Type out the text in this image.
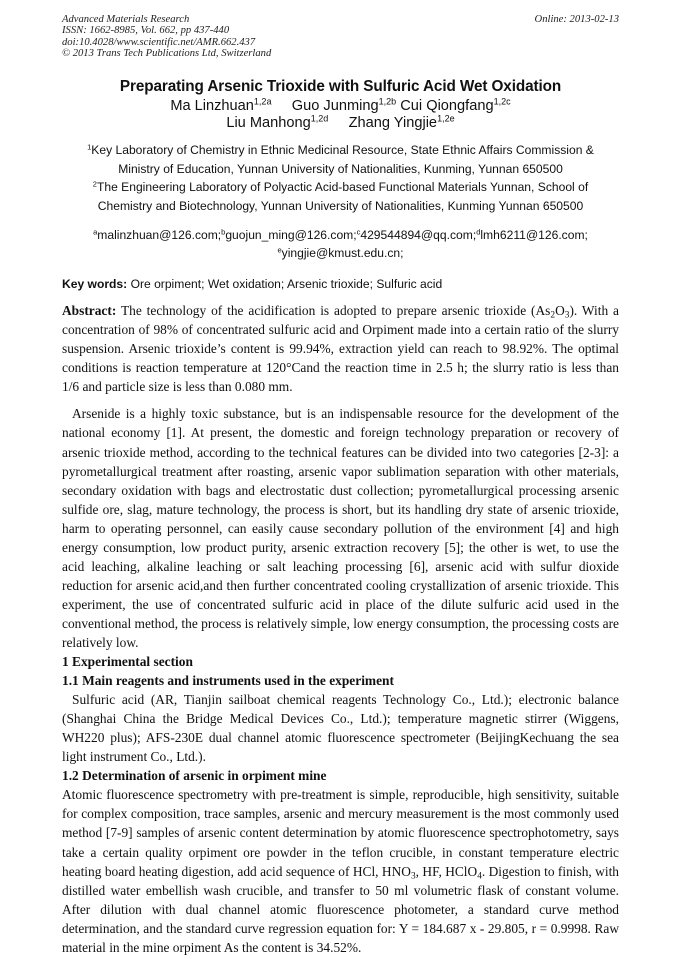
Advanced Materials Research
ISSN: 1662-8985, Vol. 662, pp 437-440
doi:10.4028/www.scientific.net/AMR.662.437
© 2013 Trans Tech Publications Ltd, Switzerland
Online: 2013-02-13
Preparating Arsenic Trioxide with Sulfuric Acid Wet Oxidation
Ma Linzhuan$^{1,2a}$ Guo Junming$^{1,2b}$ Cui Qiongfang$^{1,2c}$
Liu Manhong$^{1,2d}$ Zhang Yingjie$^{1,2e}$
$^1$Key Laboratory of Chemistry in Ethnic Medicinal Resource, State Ethnic Affairs Commission &
Ministry of Education, Yunnan University of Nationalities, Kunming, Yunnan 650500
$^2$The Engineering Laboratory of Polyactic Acid-based Functional Materials Yunnan, School of
Chemistry and Biotechnology, Yunnan University of Nationalities, Kunming Yunnan 650500
$^a$malinzhuan@126.com;$^b$guojun_ming@126.com;$^c$429544894@qq.com;$^d$lmh6211@126.com;
$^e$yingjie@kmust.edu.cn;
Key words: Ore orpiment; Wet oxidation; Arsenic trioxide; Sulfuric acid
Abstract: The technology of the acidification is adopted to prepare arsenic trioxide $(As_2O_3)$. With a concentration of 98% of concentrated sulfuric acid and Orpiment made into a certain ratio of the slurry suspension. Arsenic trioxide’s content is 99.94%, extraction yield can reach to 98.92%. The optimal conditions is reaction temperature at 120°Cand the reaction time in 2.5 h; the slurry ratio is less than 1/6 and particle size is less than 0.080 mm.
Arsenide is a highly toxic substance, but is an indispensable resource for the development of the national economy [1]. At present, the domestic and foreign technology preparation or recovery of arsenic trioxide method, according to the technical features can be divided into two categories [2-3]: a pyrometallurgical treatment after roasting, arsenic vapor sublimation separation with other materials, secondary oxidation with bags and electrostatic dust collection; pyrometallurgical processing arsenic sulfide ore, slag, mature technology, the process is short, but its handling dry state of arsenic trioxide, harm to operating personnel, can easily cause secondary pollution of the environment [4] and high energy consumption, low product purity, arsenic extraction recovery [5]; the other is wet, to use the acid leaching, alkaline leaching or salt leaching processing [6], arsenic acid with sulfur dioxide reduction for arsenic acid,and then further concentrated cooling crystallization of arsenic trioxide. This experiment, the use of concentrated sulfuric acid in place of the dilute sulfuric acid used in the conventional method, the process is relatively simple, low energy consumption, the processing costs are relatively low.
1 Experimental section
1.1 Main reagents and instruments used in the experiment
Sulfuric acid (AR, Tianjin sailboat chemical reagents Technology Co., Ltd.); electronic balance (Shanghai China the Bridge Medical Devices Co., Ltd.); temperature magnetic stirrer (Wiggens, WH220 plus); AFS-230E dual channel atomic fluorescence spectrometer (BeijingKechuang the sea light instrument Co., Ltd.).
1.2 Determination of arsenic in orpiment mine
Atomic fluorescence spectrometry with pre-treatment is simple, reproducible, high sensitivity, suitable for complex composition, trace samples, arsenic and mercury measurement is the most commonly used method [7-9] samples of arsenic content determination by atomic fluorescence spectrophotometry, says take a certain quality orpiment ore powder in the teflon crucible, in constant temperature electric heating board heating digestion, add acid sequence of HCl, $HNO_3$, HF, HClO$_4$. Digestion to finish, with distilled water embellish wash crucible, and transfer to 50 ml volumetric flask of constant volume. After dilution with dual channel atomic fluorescence photometer, a standard curve method determination, and the standard curve regression equation for: Y = 184.687 x - 29.805, r = 0.9998. Raw material in the mine orpiment As the content is 34.52%.
